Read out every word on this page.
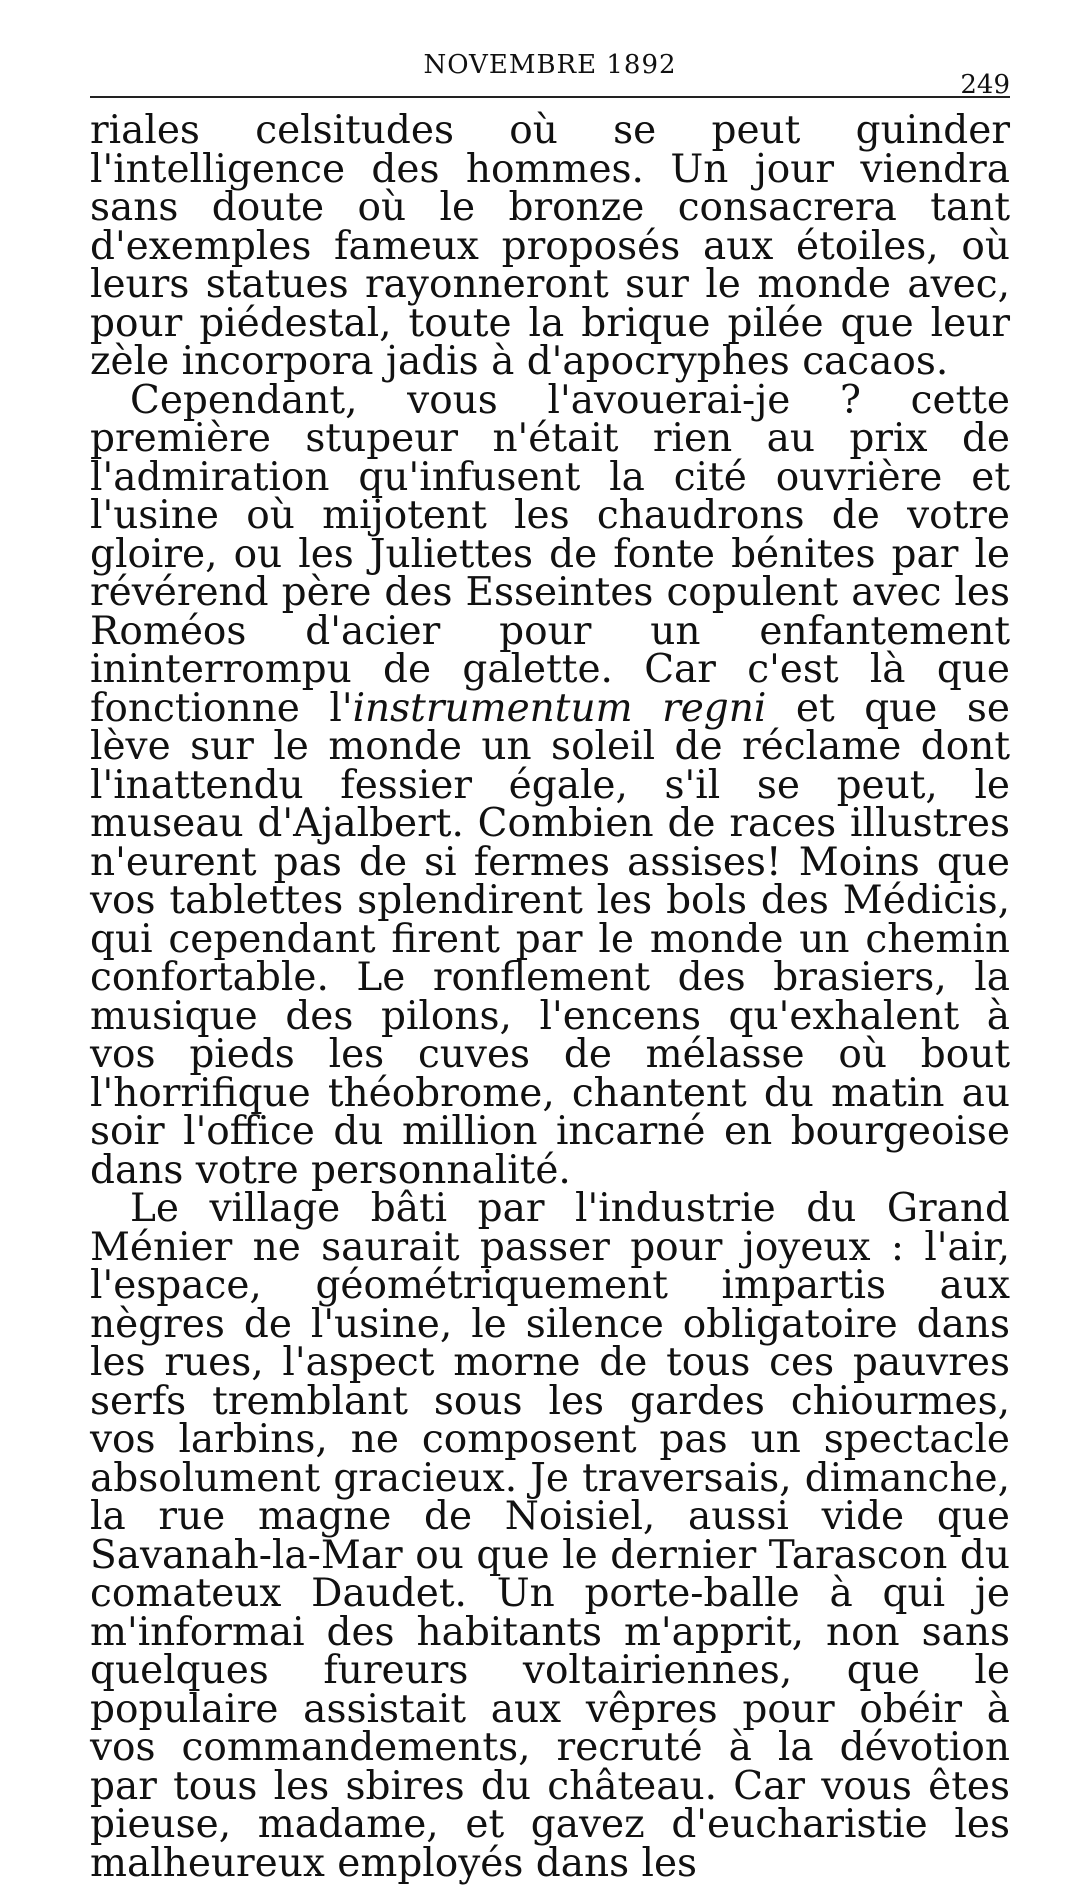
NOVEMBRE 1892
249

riales celsitudes où se peut guinder l'intelligence des hommes. Un jour viendra sans doute où le bronze consacrera tant d'exemples fameux proposés aux étoiles, où leurs statues rayonneront sur le monde avec, pour piédestal, toute la brique pilée que leur zèle incorpora jadis à d'apocryphes cacaos.

Cependant, vous l'avouerai-je ? cette première stupeur n'était rien au prix de l'admiration qu'infusent la cité ouvrière et l'usine où mijotent les chaudrons de votre gloire, ou les Juliettes de fonte bénites par le révérend père des Esseintes copulent avec les Roméos d'acier pour un enfantement ininterrompu de galette. Car c'est là que fonctionne l'instrumentum regni et que se lève sur le monde un soleil de réclame dont l'inattendu fessier égale, s'il se peut, le museau d'Ajalbert. Combien de races illustres n'eurent pas de si fermes assises! Moins que vos tablettes splendirent les bols des Médicis, qui cependant firent par le monde un chemin confortable. Le ronflement des brasiers, la musique des pilons, l'encens qu'exhalent à vos pieds les cuves de mélasse où bout l'horrifique théobrome, chantent du matin au soir l'office du million incarné en bourgeoise dans votre personnalité.

Le village bâti par l'industrie du Grand Ménier ne saurait passer pour joyeux : l'air, l'espace, géométriquement impartis aux nègres de l'usine, le silence obligatoire dans les rues, l'aspect morne de tous ces pauvres serfs tremblant sous les gardes chiourmes, vos larbins, ne composent pas un spectacle absolument gracieux. Je traversais, dimanche, la rue magne de Noisiel, aussi vide que Savanah-la-Mar ou que le dernier Tarascon du comateux Daudet. Un porte-balle à qui je m'informai des habitants m'apprit, non sans quelques fureurs voltairiennes, que le populaire assistait aux vêpres pour obéir à vos commandements, recruté à la dévotion par tous les sbires du château. Car vous êtes pieuse, madame, et gavez d'eucharistie les malheureux employés dans les
